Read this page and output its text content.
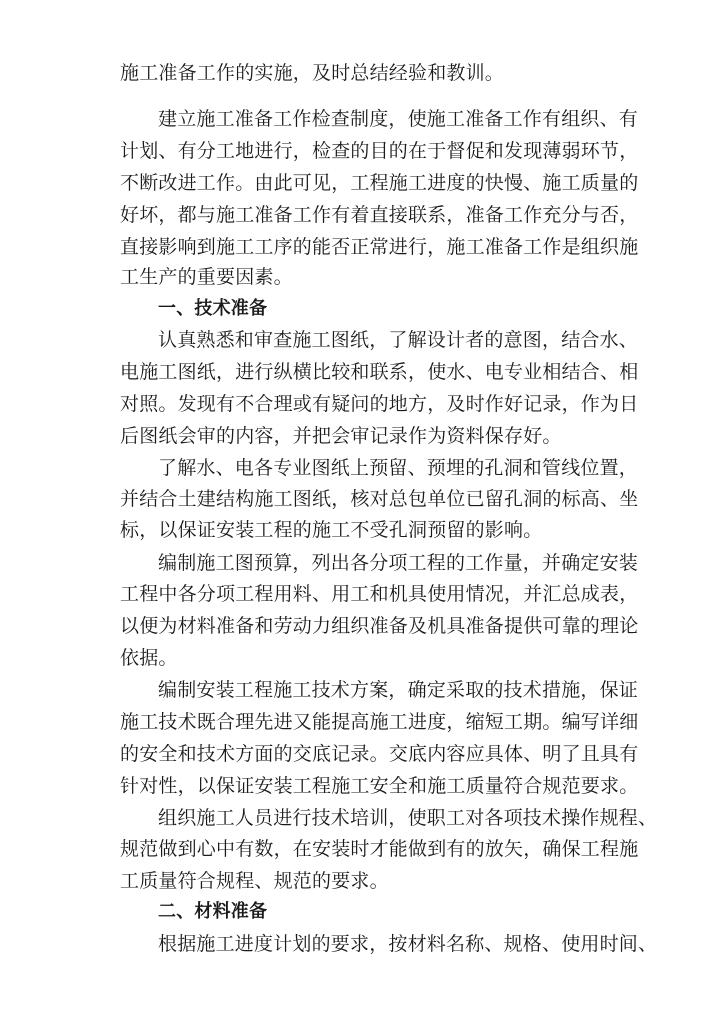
施工准备工作的实施，及时总结经验和教训。
建立施工准备工作检查制度，使施工准备工作有组织、有
计划、有分工地进行，检查的目的在于督促和发现薄弱环节，
不断改进工作。由此可见，工程施工进度的快慢、施工质量的
好坏，都与施工准备工作有着直接联系，准备工作充分与否，
直接影响到施工工序的能否正常进行，施工准备工作是组织施
工生产的重要因素。
一、技术准备
认真熟悉和审查施工图纸，了解设计者的意图，结合水、
电施工图纸，进行纵横比较和联系，使水、电专业相结合、相
对照。发现有不合理或有疑问的地方，及时作好记录，作为日
后图纸会审的内容，并把会审记录作为资料保存好。
了解水、电各专业图纸上预留、预埋的孔洞和管线位置，
并结合土建结构施工图纸，核对总包单位已留孔洞的标高、坐
标，以保证安装工程的施工不受孔洞预留的影响。
编制施工图预算，列出各分项工程的工作量，并确定安装
工程中各分项工程用料、用工和机具使用情况，并汇总成表，
以便为材料准备和劳动力组织准备及机具准备提供可靠的理论
依据。
编制安装工程施工技术方案，确定采取的技术措施，保证
施工技术既合理先进又能提高施工进度，缩短工期。编写详细
的安全和技术方面的交底记录。交底内容应具体、明了且具有
针对性，以保证安装工程施工安全和施工质量符合规范要求。
组织施工人员进行技术培训，使职工对各项技术操作规程、
规范做到心中有数，在安装时才能做到有的放矢，确保工程施
工质量符合规程、规范的要求。
二、材料准备
根据施工进度计划的要求，按材料名称、规格、使用时间、
